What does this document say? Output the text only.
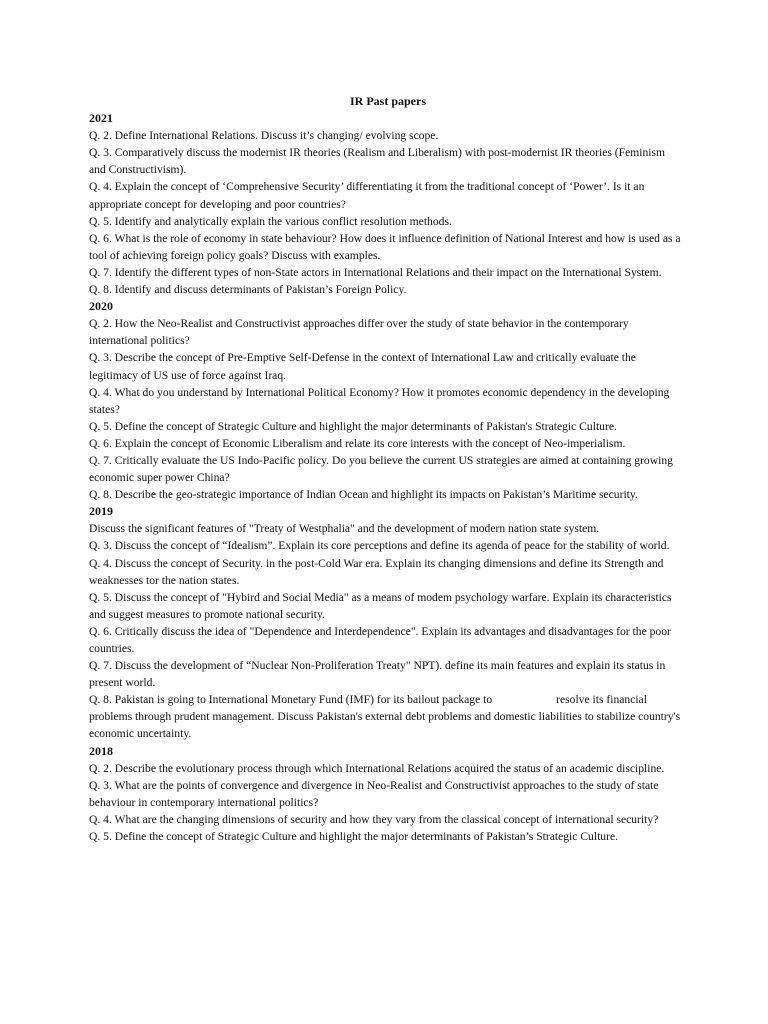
IR Past papers

2021

Q. 2. Define International Relations. Discuss it’s changing/ evolving scope.

Q. 3. Comparatively discuss the modernist IR theories (Realism and Liberalism) with post-modernist IR theories (Feminism and Constructivism).

Q. 4. Explain the concept of ‘Comprehensive Security’ differentiating it from the traditional concept of ‘Power’. Is it an appropriate concept for developing and poor countries?

Q. 5. Identify and analytically explain the various conflict resolution methods.

Q. 6. What is the role of economy in state behaviour? How does it influence definition of National Interest and how is used as a tool of achieving foreign policy goals? Discuss with examples.

Q. 7. Identify the different types of non-State actors in International Relations and their impact on the International System.

Q. 8. Identify and discuss determinants of Pakistan’s Foreign Policy.

2020

Q. 2. How the Neo-Realist and Constructivist approaches differ over the study of state behavior in the contemporary international politics?

Q. 3. Describe the concept of Pre-Emptive Self-Defense in the context of International Law and critically evaluate the legitimacy of US use of force against Iraq.

Q. 4. What do you understand by International Political Economy? How it promotes economic dependency in the developing states?

Q. 5. Define the concept of Strategic Culture and highlight the major determinants of Pakistan's Strategic Culture.

Q. 6. Explain the concept of Economic Liberalism and relate its core interests with the concept of Neo-imperialism.

Q. 7. Critically evaluate the US Indo-Pacific policy. Do you believe the current US strategies are aimed at containing growing economic super power China?

Q. 8. Describe the geo-strategic importance of Indian Ocean and highlight its impacts on Pakistan’s Maritime security.

2019

Discuss the significant features of "Treaty of Westphalia" and the development of modern nation state system.

Q. 3. Discuss the concept of “Idealism”. Explain its core perceptions and define its agenda of peace for the stability of world.

Q. 4. Discuss the concept of Security. in the post-Cold War era. Explain its changing dimensions and define its Strength and weaknesses tor the nation states.

Q. 5. Discuss the concept of "Hybird and Social Media" as a means of modem psychology warfare. Explain its characteristics and suggest measures to promote national security.

Q. 6. Critically discuss the idea of "Dependence and Interdependence". Explain its advantages and disadvantages for the poor countries.

Q. 7. Discuss the development of “Nuclear Non-Proliferation Treaty" NPT). define its main features and explain its status in present world.

Q. 8. Pakistan is going to International Monetary Fund (IMF) for its bailout package to	resolve its financial problems through prudent management. Discuss Pakistan's external debt problems and domestic liabilities to stabilize country's economic uncertainty.

2018

Q. 2. Describe the evolutionary process through which International Relations acquired the status of an academic discipline.

Q. 3. What are the points of convergence and divergence in Neo-Realist and Constructivist approaches to the study of state behaviour in contemporary international politics?

Q. 4. What are the changing dimensions of security and how they vary from the classical concept of international security?

Q. 5. Define the concept of Strategic Culture and highlight the major determinants of Pakistan’s Strategic Culture.
